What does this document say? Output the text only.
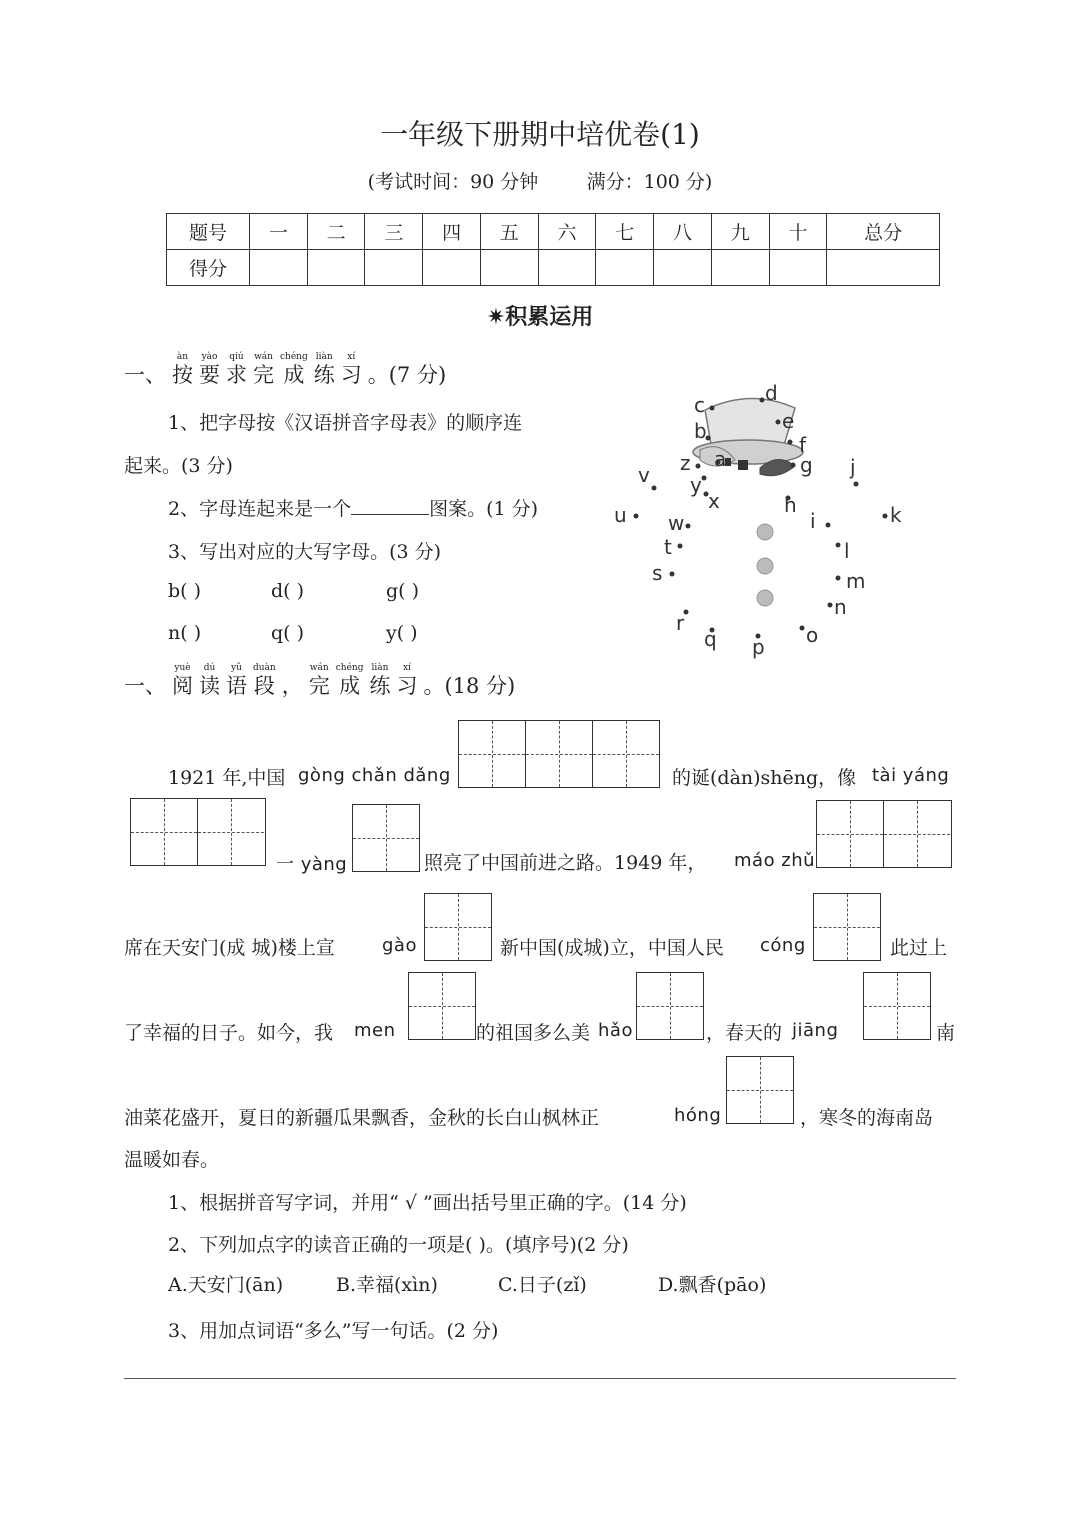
一年级下册期中培优卷(1)
(考试时间：90 分钟        满分：100 分)
题号	一	二	三	四	五	六	七	八	九	十	总分
得分											
✷积累运用
一、
àn
按
yào
要
qiú
求
wán
完
chéng
成
liàn
练
xí
习 。(7 分)
1、把字母按《汉语拼音字母表》的顺序连
起来。(3 分)
2、字母连起来是一个	图案。(1 分)
3、写出对应的大写字母。(3 分)
b( )	d( )	g( )
n( )	q( )	y( )
a
b
c	d
e
f
g
h
i
j
k
l
m
n
o
p
q
r
s
t
u
v
w
x
y
z
一、
yuè
阅
dú
读
yǔ
语
duàn
段 ，
wán
完
chéng
成
liàn
练
xí
习 。(18 分)
1921 年,中国 gòng chǎn dǎng	的诞(dàn)shēng，像 tài yáng
一 yàng	照亮了中国前进之路。1949 年， máo zhǔ
席在天安门(成 城)楼上宣	gào	新中国(成城)立，中国人民 cóng	此过上
了幸福的日子。如今，我 men	的祖国多么美 hǎo	，春天的 jiāng	南
油菜花盛开，夏日的新疆瓜果飘香，金秋的长白山枫林正	hóng	，寒冬的海南岛
温暖如春。
1、根据拼音写字词，并用“ √ ”画出括号里正确的字。(14 分)
2、下列加点字的读音正确的一项是( )。(填序号)(2 分)
A.天安门(ān)	B.幸福(xìn)	C.日子(zǐ)	D.飘香(pāo)
3、用加点词语“多么”写一句话。(2 分)
